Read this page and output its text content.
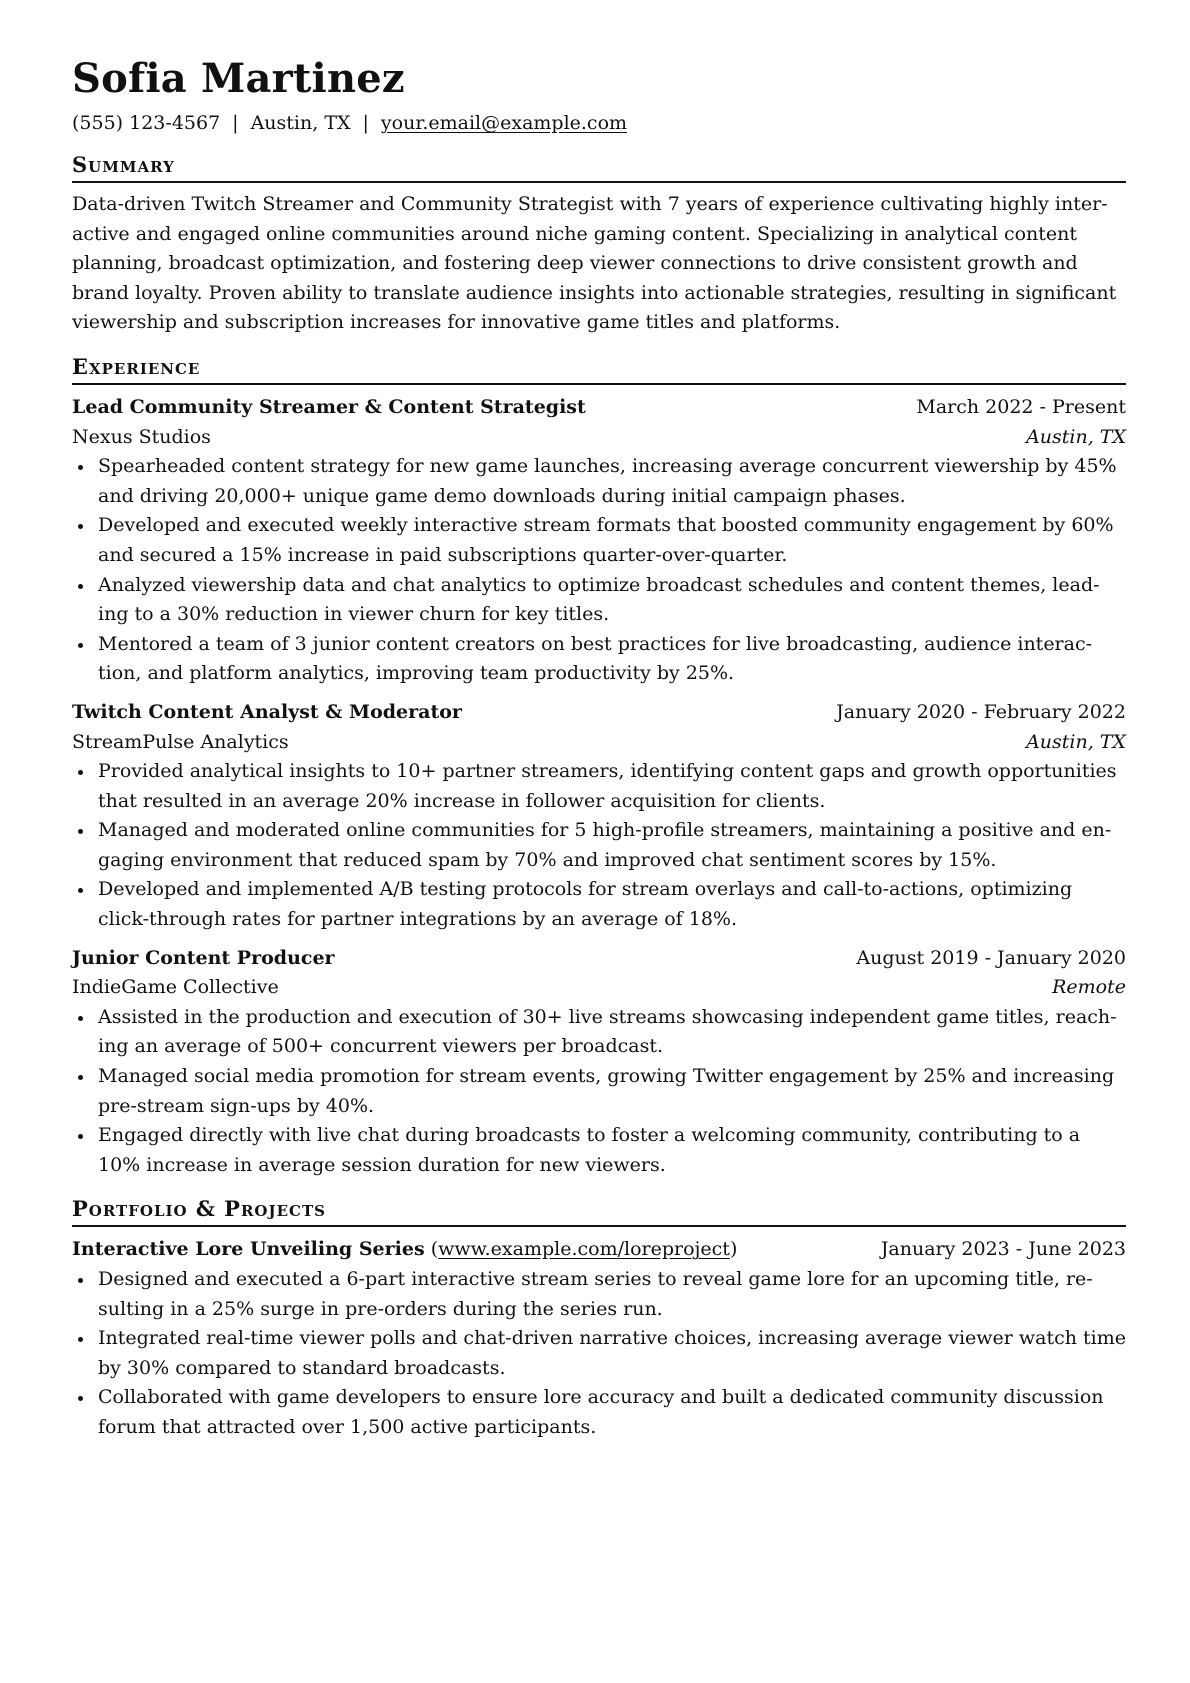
Sofia Martinez
(555) 123-4567 | Austin, TX | your.email@example.com
Summary
Data-driven Twitch Streamer and Community Strategist with 7 years of experience cultivating highly inter-
active and engaged online communities around niche gaming content. Specializing in analytical content
planning, broadcast optimization, and fostering deep viewer connections to drive consistent growth and
brand loyalty. Proven ability to translate audience insights into actionable strategies, resulting in significant
viewership and subscription increases for innovative game titles and platforms.
Experience
Lead Community Streamer & Content Strategist	March 2022 - Present
Nexus Studios	Austin, TX
Spearheaded content strategy for new game launches, increasing average concurrent viewership by 45%
and driving 20,000+ unique game demo downloads during initial campaign phases.
Developed and executed weekly interactive stream formats that boosted community engagement by 60%
and secured a 15% increase in paid subscriptions quarter-over-quarter.
Analyzed viewership data and chat analytics to optimize broadcast schedules and content themes, lead-
ing to a 30% reduction in viewer churn for key titles.
Mentored a team of 3 junior content creators on best practices for live broadcasting, audience interac-
tion, and platform analytics, improving team productivity by 25%.
Twitch Content Analyst & Moderator	January 2020 - February 2022
StreamPulse Analytics	Austin, TX
Provided analytical insights to 10+ partner streamers, identifying content gaps and growth opportunities
that resulted in an average 20% increase in follower acquisition for clients.
Managed and moderated online communities for 5 high-profile streamers, maintaining a positive and en-
gaging environment that reduced spam by 70% and improved chat sentiment scores by 15%.
Developed and implemented A/B testing protocols for stream overlays and call-to-actions, optimizing
click-through rates for partner integrations by an average of 18%.
Junior Content Producer	August 2019 - January 2020
IndieGame Collective	Remote
Assisted in the production and execution of 30+ live streams showcasing independent game titles, reach-
ing an average of 500+ concurrent viewers per broadcast.
Managed social media promotion for stream events, growing Twitter engagement by 25% and increasing
pre-stream sign-ups by 40%.
Engaged directly with live chat during broadcasts to foster a welcoming community, contributing to a
10% increase in average session duration for new viewers.
Portfolio & Projects
Interactive Lore Unveiling Series (www.example.com/loreproject)	January 2023 - June 2023
Designed and executed a 6-part interactive stream series to reveal game lore for an upcoming title, re-
sulting in a 25% surge in pre-orders during the series run.
Integrated real-time viewer polls and chat-driven narrative choices, increasing average viewer watch time
by 30% compared to standard broadcasts.
Collaborated with game developers to ensure lore accuracy and built a dedicated community discussion
forum that attracted over 1,500 active participants.
